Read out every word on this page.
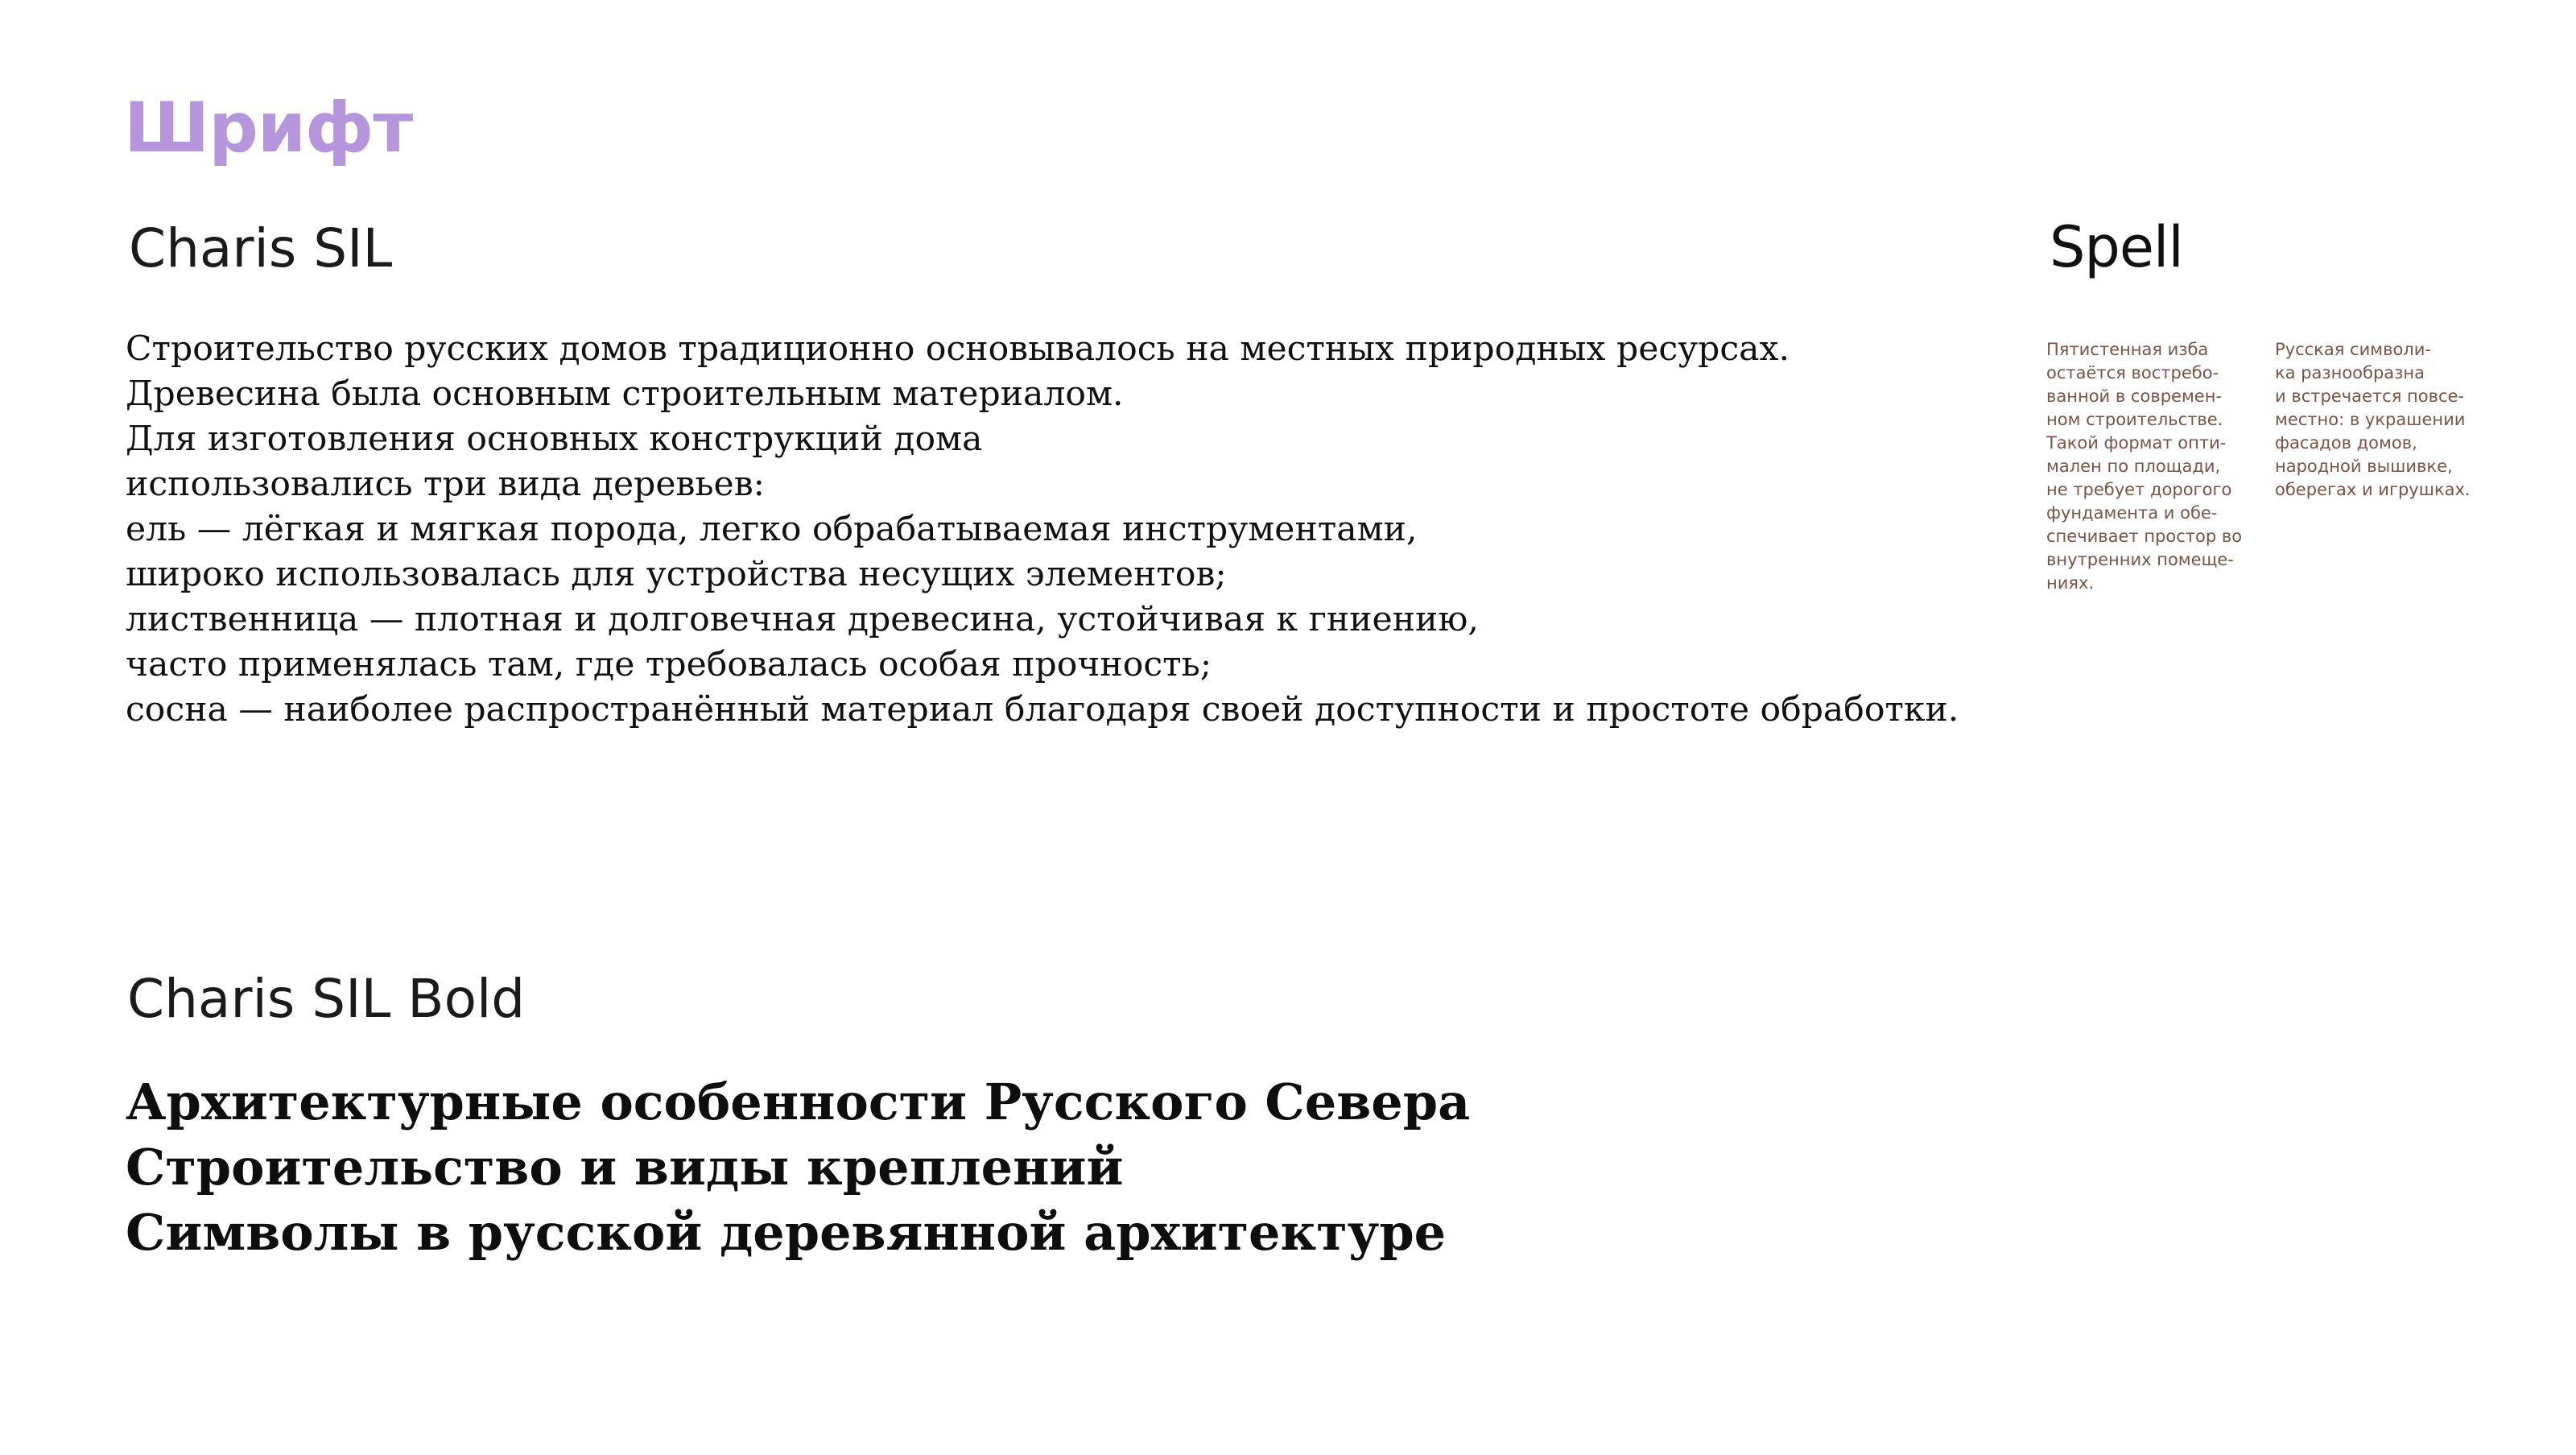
Шрифт
Charis SIL
Строительство русских домов традиционно основывалось на местных природных ресурсах.
Древесина была основным строительным материалом.
Для изготовления основных конструкций дома
использовались три вида деревьев:
ель — лёгкая и мягкая порода, легко обрабатываемая инструментами,
широко использовалась для устройства несущих элементов;
лиственница — плотная и долговечная древесина, устойчивая к гниению,
часто применялась там, где требовалась особая прочность;
сосна — наиболее распространённый материал благодаря своей доступности и простоте обработки.
Charis SIL Bold
Архитектурные особенности Русского Севера
Строительство и виды креплений
Символы в русской деревянной архитектуре
Spell
Пятистенная изба
остаётся востребо-
ванной в современ-
ном строительстве.
Такой формат опти-
мален по площади,
не требует дорогого
фундамента и обе-
спечивает простор во
внутренних помеще-
ниях.
Русская символи-
ка разнообразна
и встречается повсе-
местно: в украшении
фасадов домов,
народной вышивке,
оберегах и игрушках.
